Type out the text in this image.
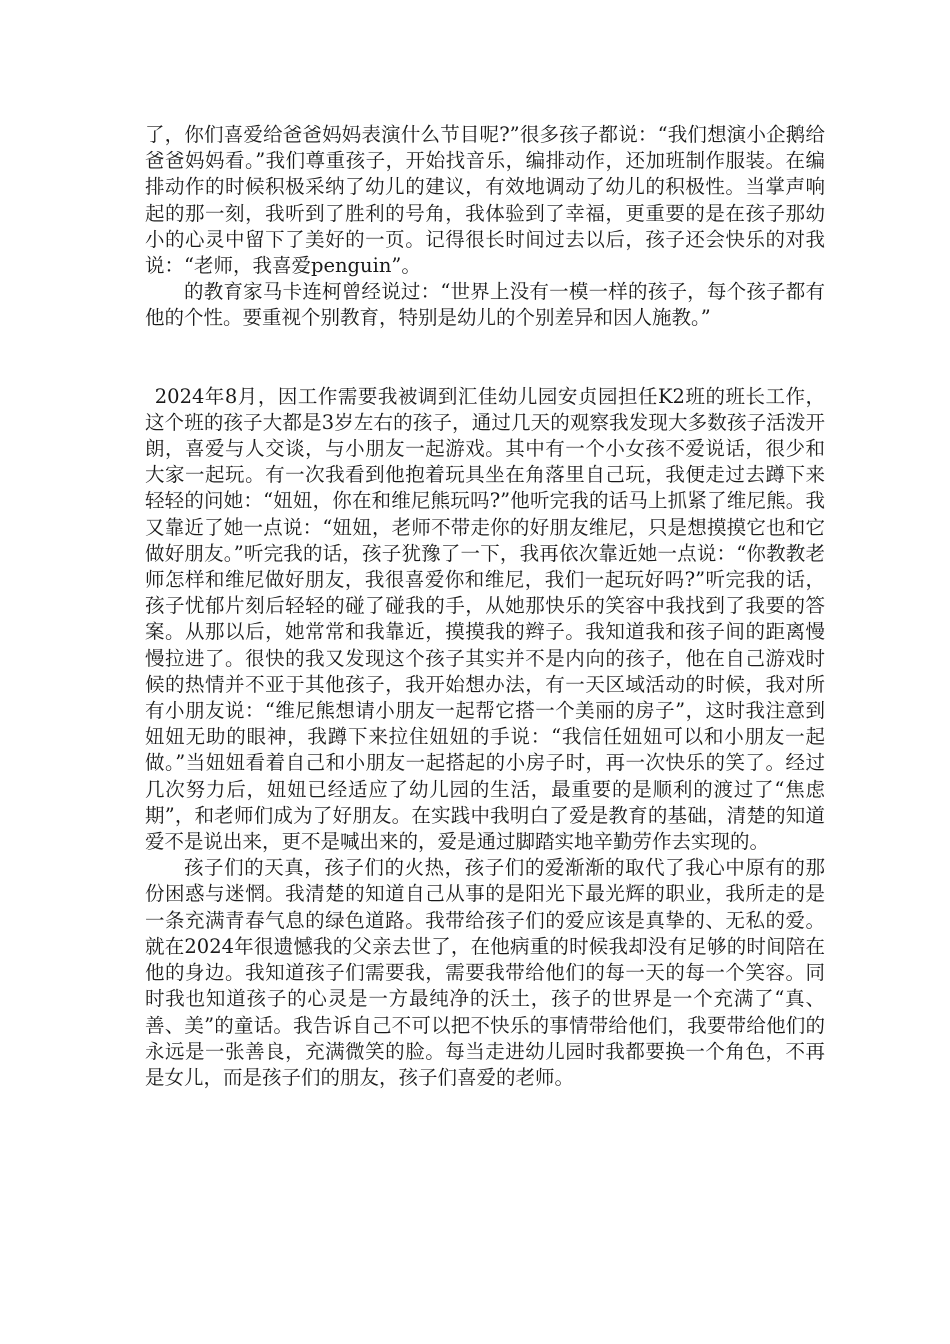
了，你们喜爱给爸爸妈妈表演什么节目呢?”很多孩子都说：“我们想演小企鹅给爸爸妈妈看。”我们尊重孩子，开始找音乐，编排动作，还加班制作服装。在编排动作的时候积极采纳了幼儿的建议，有效地调动了幼儿的积极性。当掌声响起的那一刻，我听到了胜利的号角，我体验到了幸福，更重要的是在孩子那幼小的心灵中留下了美好的一页。记得很长时间过去以后，孩子还会快乐的对我说：“老师，我喜爱penguin”。

的教育家马卡连柯曾经说过：“世界上没有一模一样的孩子，每个孩子都有他的个性。要重视个别教育，特别是幼儿的个别差异和因人施教。”

2024年8月，因工作需要我被调到汇佳幼儿园安贞园担任K2班的班长工作，这个班的孩子大都是3岁左右的孩子，通过几天的观察我发现大多数孩子活泼开朗，喜爱与人交谈，与小朋友一起游戏。其中有一个小女孩不爱说话，很少和大家一起玩。有一次我看到他抱着玩具坐在角落里自己玩，我便走过去蹲下来轻轻的问她：“妞妞，你在和维尼熊玩吗?”他听完我的话马上抓紧了维尼熊。我又靠近了她一点说：“妞妞，老师不带走你的好朋友维尼，只是想摸摸它也和它做好朋友。”听完我的话，孩子犹豫了一下，我再依次靠近她一点说：“你教教老师怎样和维尼做好朋友，我很喜爱你和维尼，我们一起玩好吗?”听完我的话，孩子忧郁片刻后轻轻的碰了碰我的手，从她那快乐的笑容中我找到了我要的答案。从那以后，她常常和我靠近，摸摸我的辫子。我知道我和孩子间的距离慢慢拉进了。很快的我又发现这个孩子其实并不是内向的孩子，他在自己游戏时候的热情并不亚于其他孩子，我开始想办法，有一天区域活动的时候，我对所有小朋友说：“维尼熊想请小朋友一起帮它搭一个美丽的房子”，这时我注意到妞妞无助的眼神，我蹲下来拉住妞妞的手说：“我信任妞妞可以和小朋友一起做。”当妞妞看着自己和小朋友一起搭起的小房子时，再一次快乐的笑了。经过几次努力后，妞妞已经适应了幼儿园的生活，最重要的是顺利的渡过了“焦虑期”，和老师们成为了好朋友。在实践中我明白了爱是教育的基础，清楚的知道爱不是说出来，更不是喊出来的，爱是通过脚踏实地辛勤劳作去实现的。

孩子们的天真，孩子们的火热，孩子们的爱渐渐的取代了我心中原有的那份困惑与迷惘。我清楚的知道自己从事的是阳光下最光辉的职业，我所走的是一条充满青春气息的绿色道路。我带给孩子们的爱应该是真挚的、无私的爱。就在2024年很遗憾我的父亲去世了，在他病重的时候我却没有足够的时间陪在他的身边。我知道孩子们需要我，需要我带给他们的每一天的每一个笑容。同时我也知道孩子的心灵是一方最纯净的沃土，孩子的世界是一个充满了“真、善、美”的童话。我告诉自己不可以把不快乐的事情带给他们，我要带给他们的永远是一张善良，充满微笑的脸。每当走进幼儿园时我都要换一个角色，不再是女儿，而是孩子们的朋友，孩子们喜爱的老师。
